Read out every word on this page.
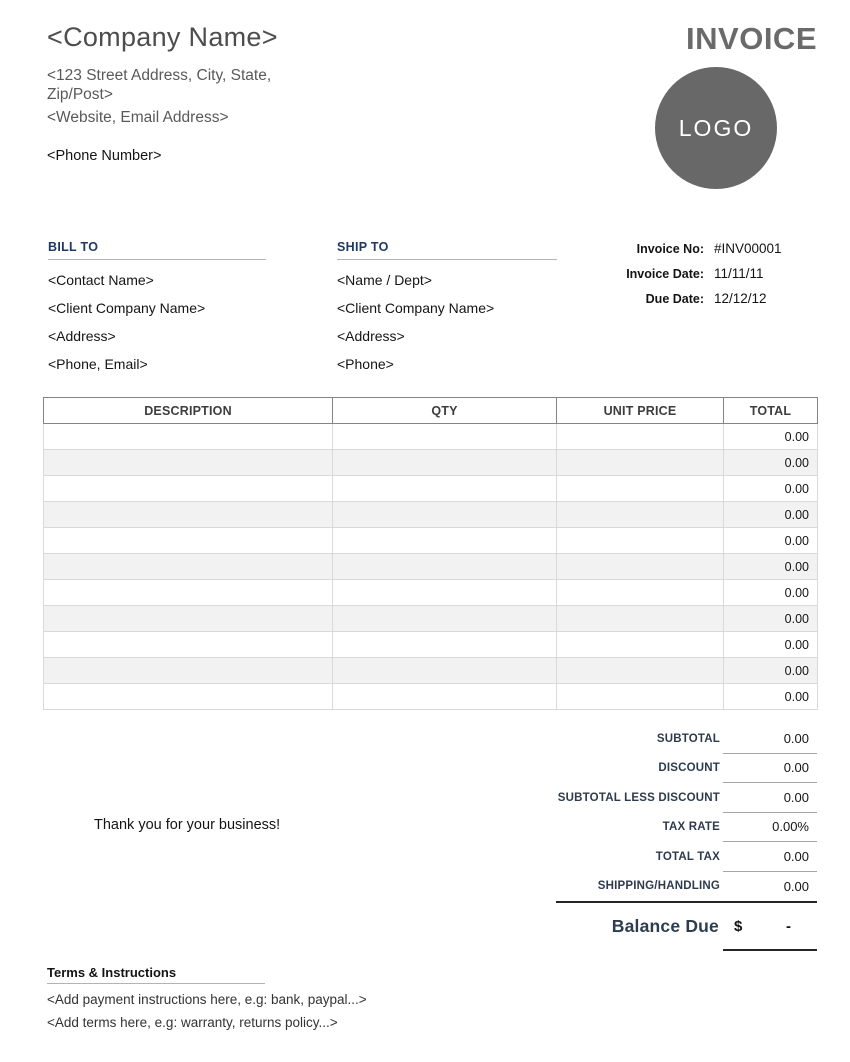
<Company Name>
<123 Street Address, City, State, Zip/Post>
<Website, Email Address>
<Phone Number>
INVOICE
LOGO
BILL TO
<Contact Name>
<Client Company Name>
<Address>
<Phone, Email>
SHIP TO
<Name / Dept>
<Client Company Name>
<Address>
<Phone>
Invoice No: #INV00001
Invoice Date: 11/11/11
Due Date: 12/12/12
DESCRIPTION	QTY	UNIT PRICE	TOTAL
			0.00
			0.00
			0.00
			0.00
			0.00
			0.00
			0.00
			0.00
			0.00
			0.00
			0.00
SUBTOTAL	0.00
DISCOUNT	0.00
SUBTOTAL LESS DISCOUNT	0.00
TAX RATE	0.00%
TOTAL TAX	0.00
SHIPPING/HANDLING	0.00
Balance Due $	-
Thank you for your business!
Terms & Instructions
<Add payment instructions here, e.g: bank, paypal...>
<Add terms here, e.g: warranty, returns policy...>
